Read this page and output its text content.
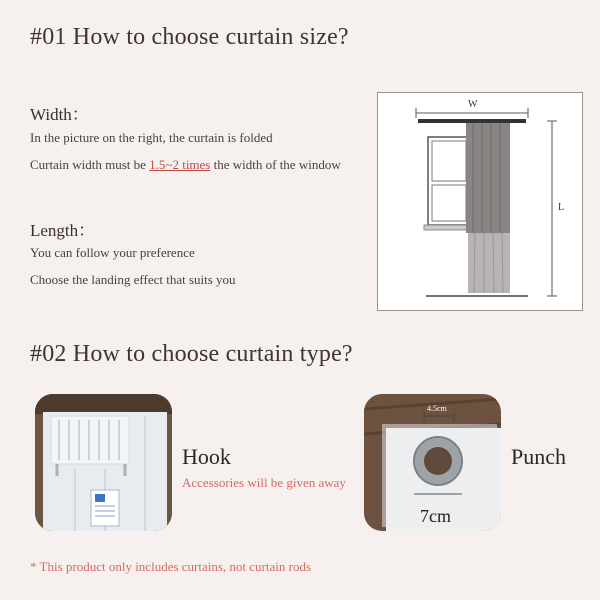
#01 How to choose curtain size?
Width：
In the picture on the right, the curtain is folded
Curtain width must be 1.5~2 times the width of the window
Length：
You can follow your preference
Choose the landing effect that suits you
W
L
#02 How to choose curtain type?
Hook
Accessories will be given away
4.5cm
7cm
Punch
* This product only includes curtains, not curtain rods
